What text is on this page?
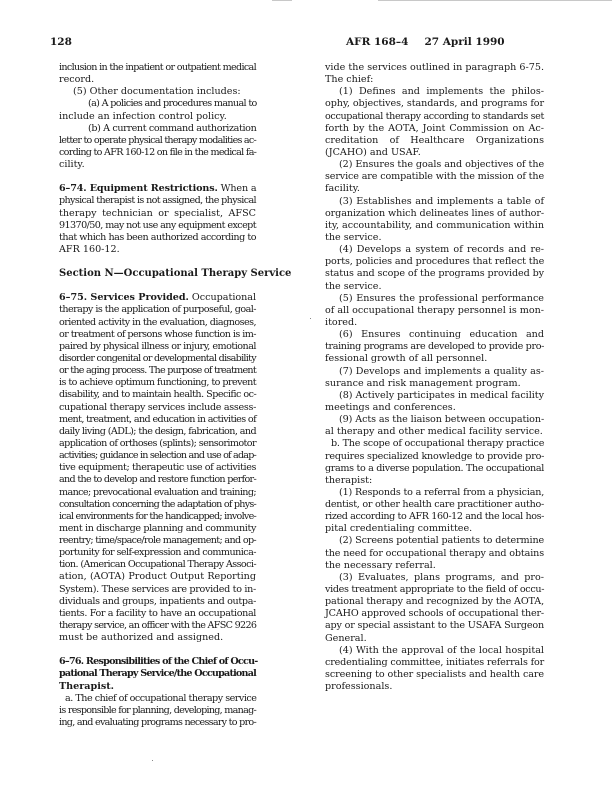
128	AFR 168–4 27 April 1990
inclusion in the inpatient or outpatient medical
record.
(5) Other documentation includes:
(a) A policies and procedures manual to
include an infection control policy.
(b) A current command authorization
letter to operate physical therapy modalities ac-
cording to AFR 160-12 on file in the medical fa-
cility.
6–74. Equipment Restrictions. When a
physical therapist is not assigned, the physical
therapy technician or specialist, AFSC
91370/50, may not use any equipment except
that which has been authorized according to
AFR 160-12.
Section N—Occupational Therapy Service
6–75. Services Provided. Occupational
therapy is the application of purposeful, goal-
oriented activity in the evaluation, diagnoses,
or treatment of persons whose function is im-
paired by physical illness or injury, emotional
disorder congenital or developmental disability
or the aging process. The purpose of treatment
is to achieve optimum functioning, to prevent
disability, and to maintain health. Specific oc-
cupational therapy services include assess-
ment, treatment, and education in activities of
daily living (ADL); the design, fabrication, and
application of orthoses (splints); sensorimotor
activities; guidance in selection and use of adap-
tive equipment; therapeutic use of activities
and the to develop and restore function perfor-
mance; prevocational evaluation and training;
consultation concerning the adaptation of phys-
ical environments for the handicapped; involve-
ment in discharge planning and community
reentry; time/space/role management; and op-
portunity for self-expression and communica-
tion. (American Occupational Therapy Associ-
ation, (AOTA) Product Output Reporting
System). These services are provided to in-
dividuals and groups, inpatients and outpa-
tients. For a facility to have an occupational
therapy service, an officer with the AFSC 9226
must be authorized and assigned.
6–76. Responsibilities of the Chief of Occu-
pational Therapy Service/the Occupational
Therapist.
a. The chief of occupational therapy service
is responsible for planning, developing, manag-
ing, and evaluating programs necessary to pro-
vide the services outlined in paragraph 6-75.
The chief:
(1) Defines and implements the philos-
ophy, objectives, standards, and programs for
occupational therapy according to standards set
forth by the AOTA, Joint Commission on Ac-
creditation of Healthcare Organizations
(JCAHO) and USAF.
(2) Ensures the goals and objectives of the
service are compatible with the mission of the
facility.
(3) Establishes and implements a table of
organization which delineates lines of author-
ity, accountability, and communication within
the service.
(4) Develops a system of records and re-
ports, policies and procedures that reflect the
status and scope of the programs provided by
the service.
(5) Ensures the professional performance
of all occupational therapy personnel is mon-
itored.
(6) Ensures continuing education and
training programs are developed to provide pro-
fessional growth of all personnel.
(7) Develops and implements a quality as-
surance and risk management program.
(8) Actively participates in medical facility
meetings and conferences.
(9) Acts as the liaison between occupation-
al therapy and other medical facility service.
b. The scope of occupational therapy practice
requires specialized knowledge to provide pro-
grams to a diverse population. The occupational
therapist:
(1) Responds to a referral from a physician,
dentist, or other health care practitioner autho-
rized according to AFR 160-12 and the local hos-
pital credentialing committee.
(2) Screens potential patients to determine
the need for occupational therapy and obtains
the necessary referral.
(3) Evaluates, plans programs, and pro-
vides treatment appropriate to the field of occu-
pational therapy and recognized by the AOTA,
JCAHO approved schools of occupational ther-
apy or special assistant to the USAFA Surgeon
General.
(4) With the approval of the local hospital
credentialing committee, initiates referrals for
screening to other specialists and health care
professionals.
